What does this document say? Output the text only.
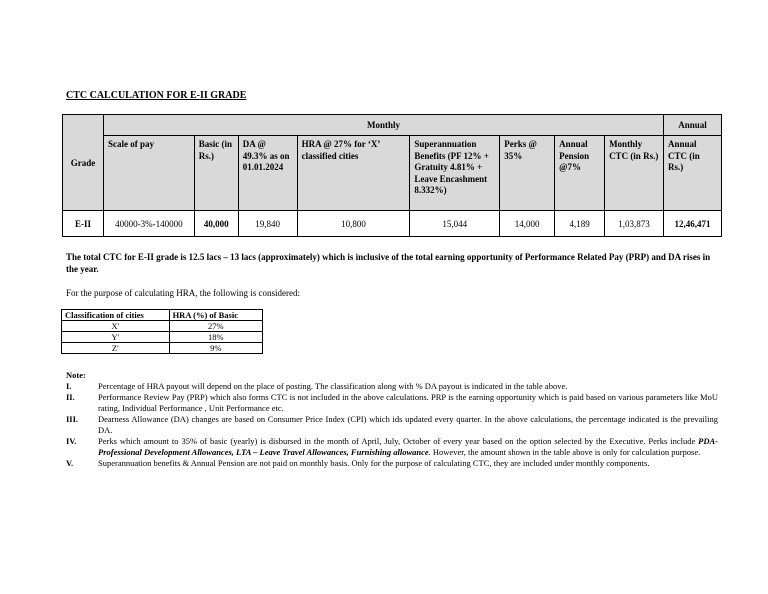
CTC CALCULATION FOR E-II GRADE
Grade	Monthly								Annual
	Scale of pay	Basic (in Rs.)	DA @ 49.3% as on 01.01.2024	HRA @ 27% for ‘X’ classified cities	Superannuation Benefits (PF 12% + Gratuity 4.81% + Leave Encashment 8.332%)	Perks @ 35%	Annual Pension @7%	Monthly CTC (in Rs.)	Annual CTC (in Rs.)
E-II	40000-3%-140000	40,000	19,840	10,800	15,044	14,000	4,189	1,03,873	12,46,471
The total CTC for E-II grade is 12.5 lacs – 13 lacs (approximately) which is inclusive of the total earning opportunity of Performance Related Pay (PRP) and DA rises in the year.
For the purpose of calculating HRA, the following is considered:
Classification of cities	HRA (%) of Basic
X'	27%
Y'	18%
Z'	9%
Note:
I.	Percentage of HRA payout will depend on the place of posting. The classification along with % DA payout is indicated in the table above.
II.	Performance Review Pay (PRP) which also forms CTC is not included in the above calculations. PRP is the earning opportunity which is paid based on various parameters like MoU rating, Individual Performance , Unit Performance etc.
III.	Dearness Allowance (DA) changes are based on Consumer Price Index (CPI) which ids updated every quarter. In the above calculations, the percentage indicated is the prevailing DA.
IV.	Perks which amount to 35% of basic (yearly) is disbursed in the month of April, July, October of every year based on the option selected by the Executive. Perks include PDA- Professional Development Allowances, LTA – Leave Travel Allowances, Furnishing allowance. However, the amount shown in the table above is only for calculation purpose.
V.	Superannuation benefits & Annual Pension are not paid on monthly basis. Only for the purpose of calculating CTC, they are included under monthly components.
